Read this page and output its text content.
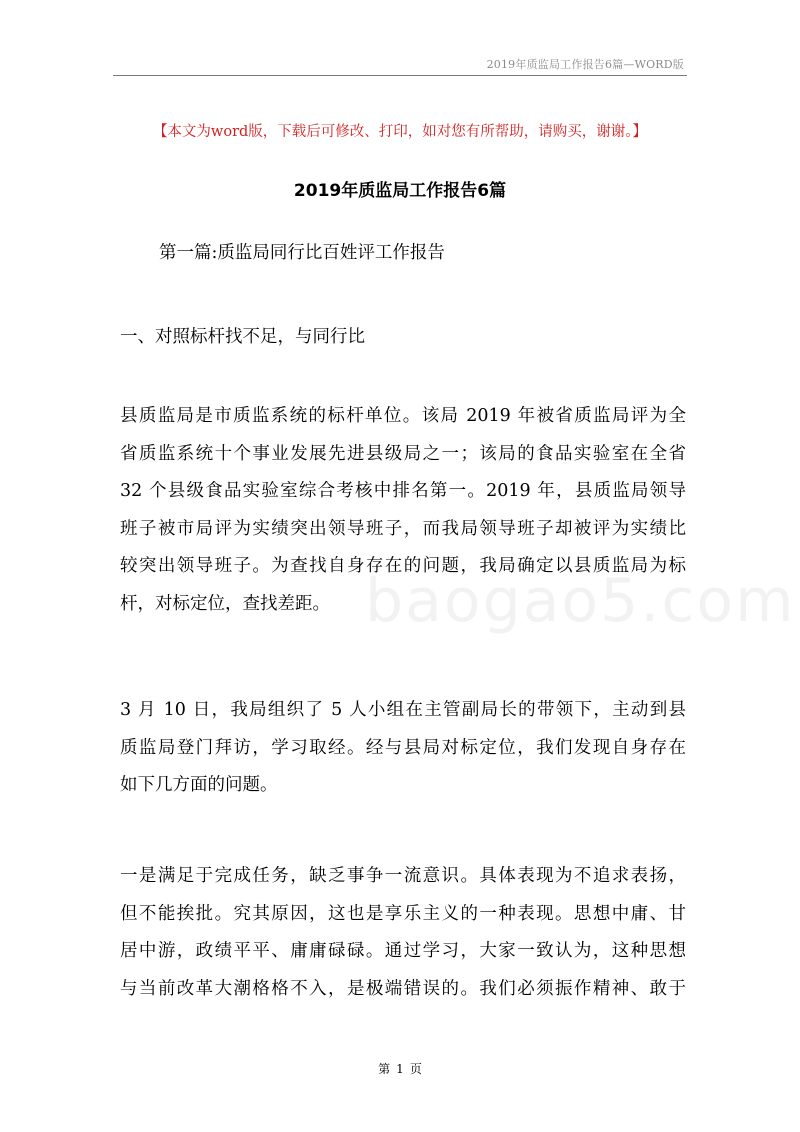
2019年质监局工作报告6篇—WORD版
【本文为word版，下载后可修改、打印，如对您有所帮助，请购买，谢谢。】
2019年质监局工作报告6篇
第一篇:质监局同行比百姓评工作报告
一、对照标杆找不足，与同行比
baogao5.com
县质监局是市质监系统的标杆单位。该局 2019 年被省质监局评为全
省质监系统十个事业发展先进县级局之一；该局的食品实验室在全省
32 个县级食品实验室综合考核中排名第一。2019 年，县质监局领导
班子被市局评为实绩突出领导班子，而我局领导班子却被评为实绩比
较突出领导班子。为查找自身存在的问题，我局确定以县质监局为标
杆，对标定位，查找差距。
3 月 10 日，我局组织了 5 人小组在主管副局长的带领下，主动到县
质监局登门拜访，学习取经。经与县局对标定位，我们发现自身存在
如下几方面的问题。
一是满足于完成任务，缺乏事争一流意识。具体表现为不追求表扬，
但不能挨批。究其原因，这也是享乐主义的一种表现。思想中庸、甘
居中游，政绩平平、庸庸碌碌。通过学习，大家一致认为，这种思想
与当前改革大潮格格不入，是极端错误的。我们必须振作精神、敢于
第 1 页
